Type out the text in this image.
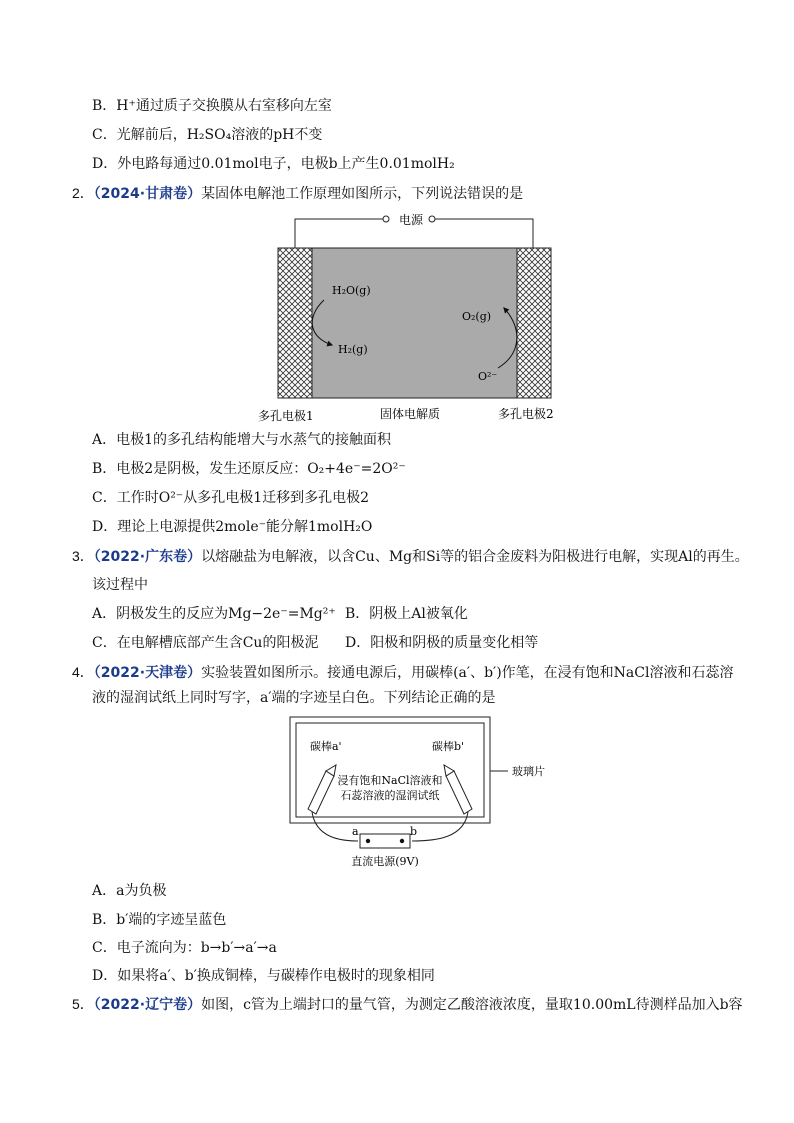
B．H⁺通过质子交换膜从右室移向左室
C．光解前后，H₂SO₄溶液的pH不变
D．外电路每通过0.01mol电子，电极b上产生0.01molH₂
2．（2024·甘肃卷）某固体电解池工作原理如图所示，下列说法错误的是
电源
H₂O(g)
H₂(g)
O₂(g)
O²⁻
多孔电极1	固体电解质	多孔电极2
A．电极1的多孔结构能增大与水蒸气的接触面积
B．电极2是阴极，发生还原反应：O₂+4e⁻=2O²⁻
C．工作时O²⁻从多孔电极1迁移到多孔电极2
D．理论上电源提供2mole⁻能分解1molH₂O
3．（2022·广东卷）以熔融盐为电解液，以含Cu、Mg和Si等的铝合金废料为阳极进行电解，实现Al的再生。
该过程中
A．阴极发生的反应为Mg−2e⁻=Mg²⁺ B．阴极上Al被氧化
C．在电解槽底部产生含Cu的阳极泥 D．阳极和阴极的质量变化相等
4．（2022·天津卷）实验装置如图所示。接通电源后，用碳棒(a′、b′)作笔，在浸有饱和NaCl溶液和石蕊溶
液的湿润试纸上同时写字，a′端的字迹呈白色。下列结论正确的是
玻璃片
碳棒a'	碳棒b'
浸有饱和NaCl溶液和
石蕊溶液的湿润试纸
a	b
直流电源(9V)
A．a为负极
B．b′端的字迹呈蓝色
C．电子流向为：b→b′→a′→a
D．如果将a′、b′换成铜棒，与碳棒作电极时的现象相同
5．（2022·辽宁卷）如图，c管为上端封口的量气管，为测定乙酸溶液浓度，量取10.00mL待测样品加入b容
